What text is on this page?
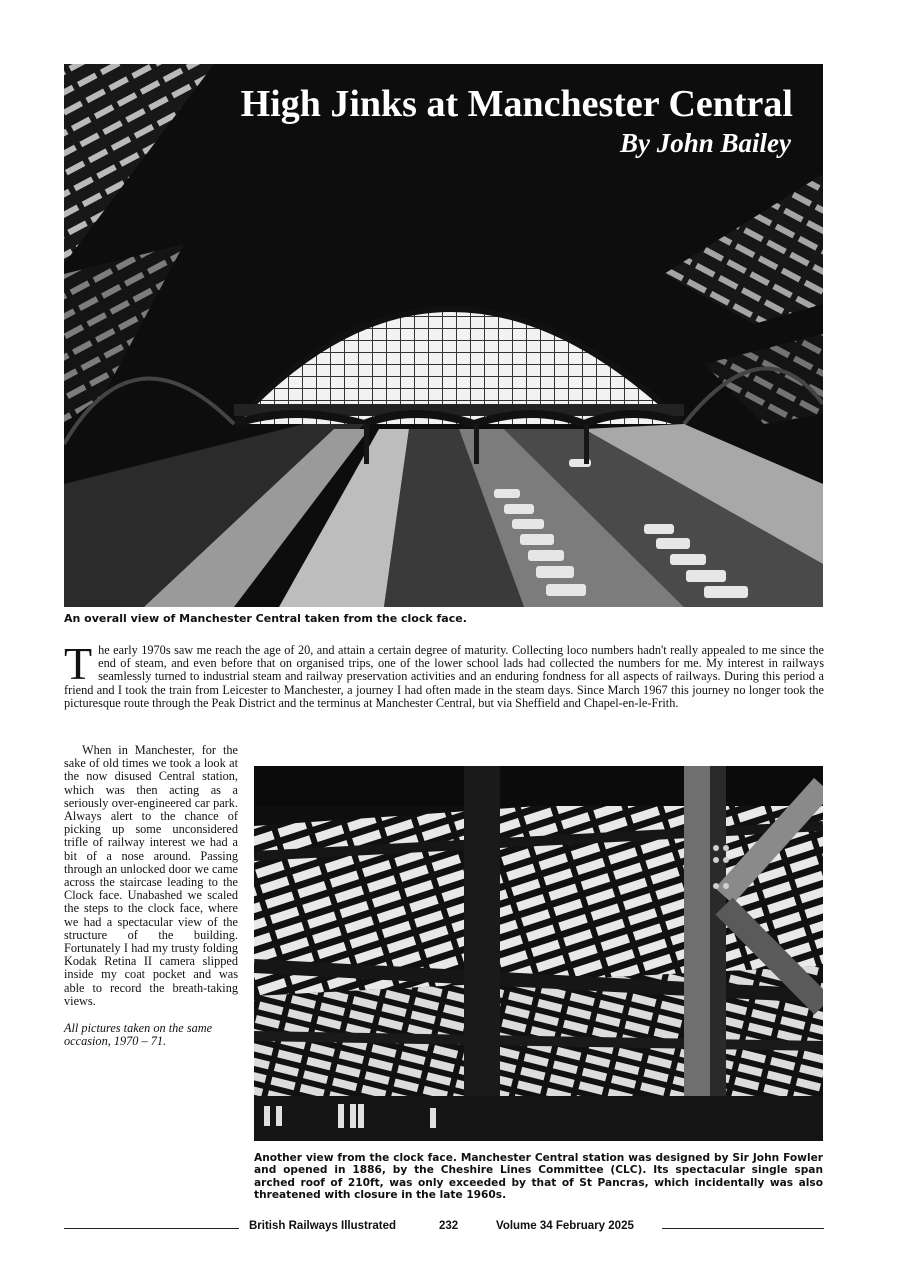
High Jinks at Manchester Central
By John Bailey
An overall view of Manchester Central taken from the clock face.
The early 1970s saw me reach the age of 20, and attain a certain degree of maturity. Collecting loco numbers hadn't really appealed to me since the end of steam, and even before that on organised trips, one of the lower school lads had collected the numbers for me. My interest in railways seamlessly turned to industrial steam and railway preservation activities and an enduring fondness for all aspects of railways. During this period a friend and I took the train from Leicester to Manchester, a journey I had often made in the steam days. Since March 1967 this journey no longer took the picturesque route through the Peak District and the terminus at Manchester Central, but via Sheffield and Chapel-en-le-Frith.

When in Manchester, for the sake of old times we took a look at the now disused Central station, which was then acting as a seriously over-engineered car park. Always alert to the chance of picking up some unconsidered trifle of railway interest we had a bit of a nose around. Passing through an unlocked door we came across the staircase leading to the Clock face. Unabashed we scaled the steps to the clock face, where we had a spectacular view of the structure of the building. Fortunately I had my trusty folding Kodak Retina II camera slipped inside my coat pocket and was able to record the breath-taking views.

All pictures taken on the same occasion, 1970 – 71.

Another view from the clock face. Manchester Central station was designed by Sir John Fowler and opened in 1886, by the Cheshire Lines Committee (CLC). Its spectacular single span arched roof of 210ft, was only exceeded by that of St Pancras, which incidentally was also threatened with closure in the late 1960s.
British Railways Illustrated	232	Volume 34 February 2025
